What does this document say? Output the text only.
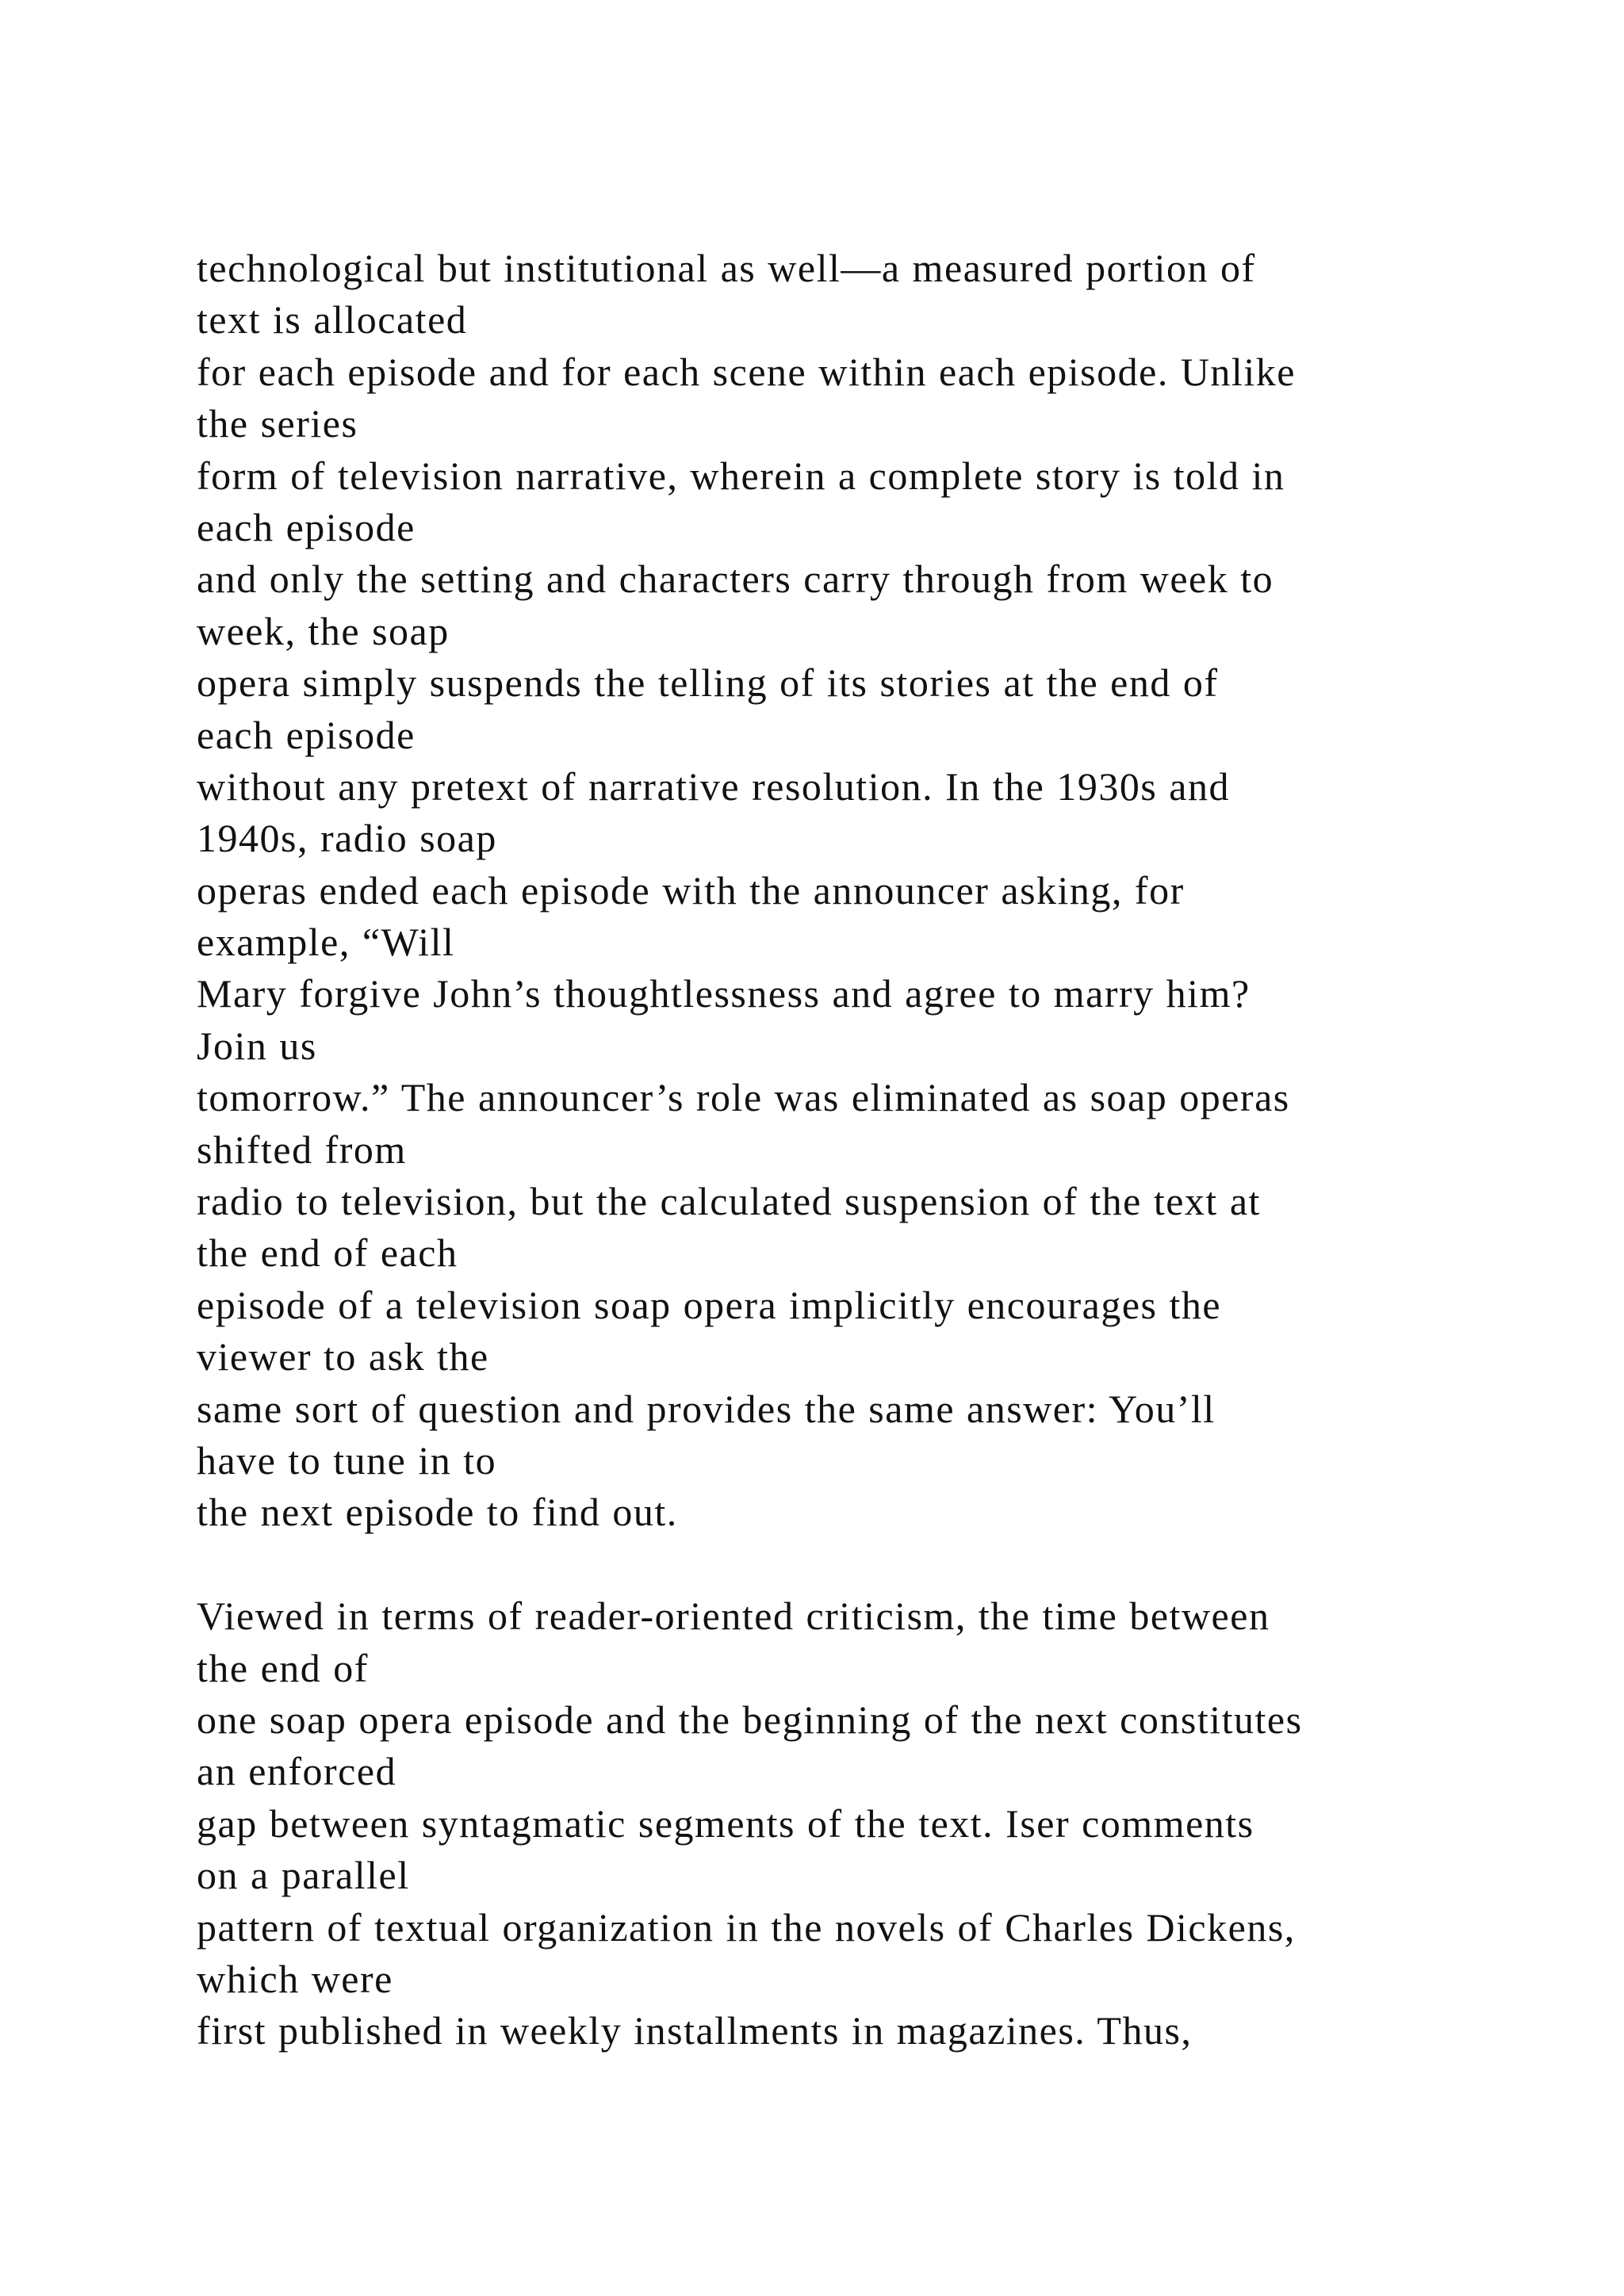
technological but institutional as well—a measured portion of
text is allocated
for each episode and for each scene within each episode. Unlike
the series
form of television narrative, wherein a complete story is told in
each episode
and only the setting and characters carry through from week to
week, the soap
opera simply suspends the telling of its stories at the end of
each episode
without any pretext of narrative resolution. In the 1930s and
1940s, radio soap
operas ended each episode with the announcer asking, for
example, “Will
Mary forgive John’s thoughtlessness and agree to marry him?
Join us
tomorrow.” The announcer’s role was eliminated as soap operas
shifted from
radio to television, but the calculated suspension of the text at
the end of each
episode of a television soap opera implicitly encourages the
viewer to ask the
same sort of question and provides the same answer: You’ll
have to tune in to
the next episode to find out.
Viewed in terms of reader-oriented criticism, the time between
the end of
one soap opera episode and the beginning of the next constitutes
an enforced
gap between syntagmatic segments of the text. Iser comments
on a parallel
pattern of textual organization in the novels of Charles Dickens,
which were
first published in weekly installments in magazines. Thus,
